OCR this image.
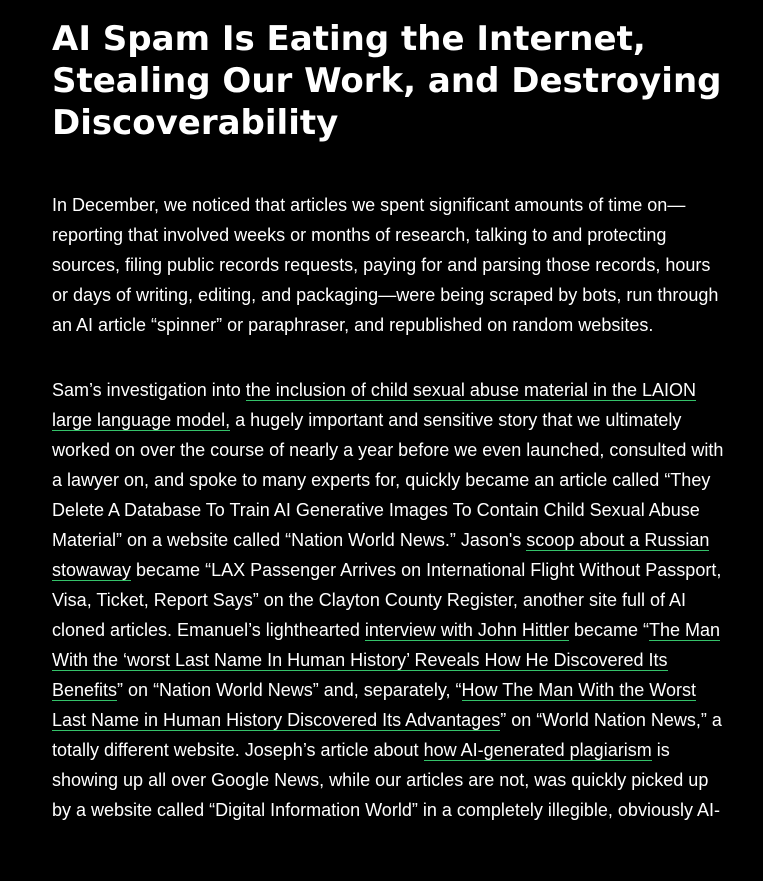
AI Spam Is Eating the Internet, Stealing Our Work, and Destroying Discoverability

In December, we noticed that articles we spent significant amounts of time on—reporting that involved weeks or months of research, talking to and protecting sources, filing public records requests, paying for and parsing those records, hours or days of writing, editing, and packaging—were being scraped by bots, run through an AI article “spinner” or paraphraser, and republished on random websites.

Sam’s investigation into the inclusion of child sexual abuse material in the LAION large language model, a hugely important and sensitive story that we ultimately worked on over the course of nearly a year before we even launched, consulted with a lawyer on, and spoke to many experts for, quickly became an article called “They Delete A Database To Train AI Generative Images To Contain Child Sexual Abuse Material” on a website called “Nation World News.” Jason's scoop about a Russian stowaway became “LAX Passenger Arrives on International Flight Without Passport, Visa, Ticket, Report Says” on the Clayton County Register, another site full of AI cloned articles. Emanuel’s lighthearted interview with John Hittler became “The Man With the ‘worst Last Name In Human History’ Reveals How He Discovered Its Benefits” on “Nation World News” and, separately, “How The Man With the Worst Last Name in Human History Discovered Its Advantages” on “World Nation News,” a totally different website. Joseph’s article about how AI-generated plagiarism is showing up all over Google News, while our articles are not, was quickly picked up by a website called “Digital Information World” in a completely illegible, obviously AI-
